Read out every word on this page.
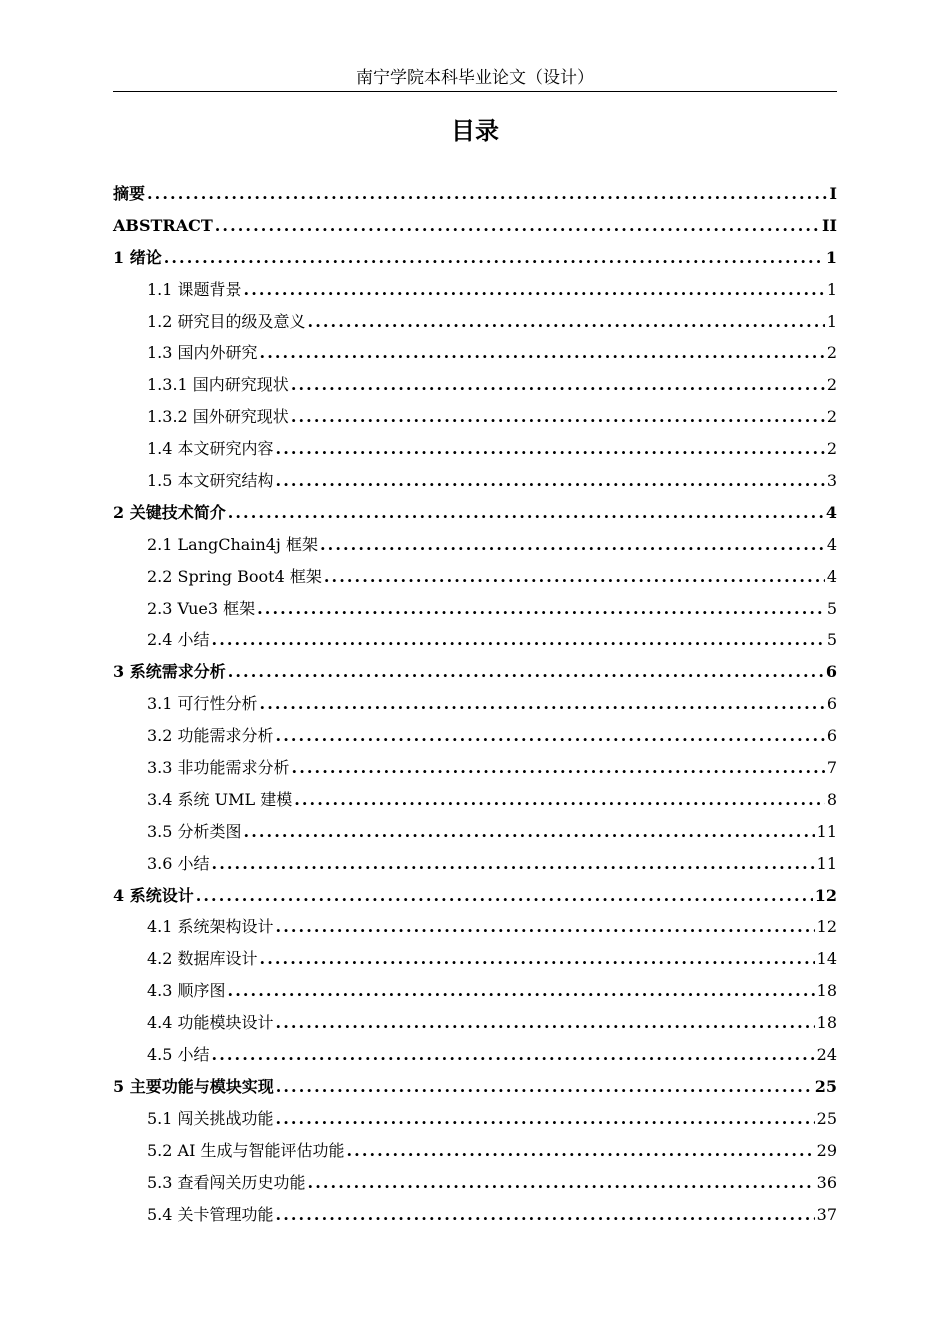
南宁学院本科毕业论文（设计）
目录
摘要 .....	I
ABSTRACT .....	II
1 绪论 .....	1
1.1 课题背景 .....	1
1.2 研究目的级及意义 .....	1
1.3 国内外研究 .....	2
1.3.1 国内研究现状 .....	2
1.3.2 国外研究现状 .....	2
1.4 本文研究内容 .....	2
1.5 本文研究结构 .....	3
2 关键技术简介 .....	4
2.1 LangChain4j 框架 .....	4
2.2 Spring Boot4 框架 .....	4
2.3 Vue3 框架 .....	5
2.4 小结 .....	5
3 系统需求分析 .....	6
3.1 可行性分析 .....	6
3.2 功能需求分析 .....	6
3.3 非功能需求分析 .....	7
3.4 系统 UML 建模 .....	8
3.5 分析类图 .....	11
3.6 小结 .....	11
4 系统设计 .....	12
4.1 系统架构设计 .....	12
4.2 数据库设计 .....	14
4.3 顺序图 .....	18
4.4 功能模块设计 .....	18
4.5 小结 .....	24
5 主要功能与模块实现 .....	25
5.1 闯关挑战功能 .....	25
5.2 AI 生成与智能评估功能 .....	29
5.3 查看闯关历史功能 .....	36
5.4 关卡管理功能 .....	37
